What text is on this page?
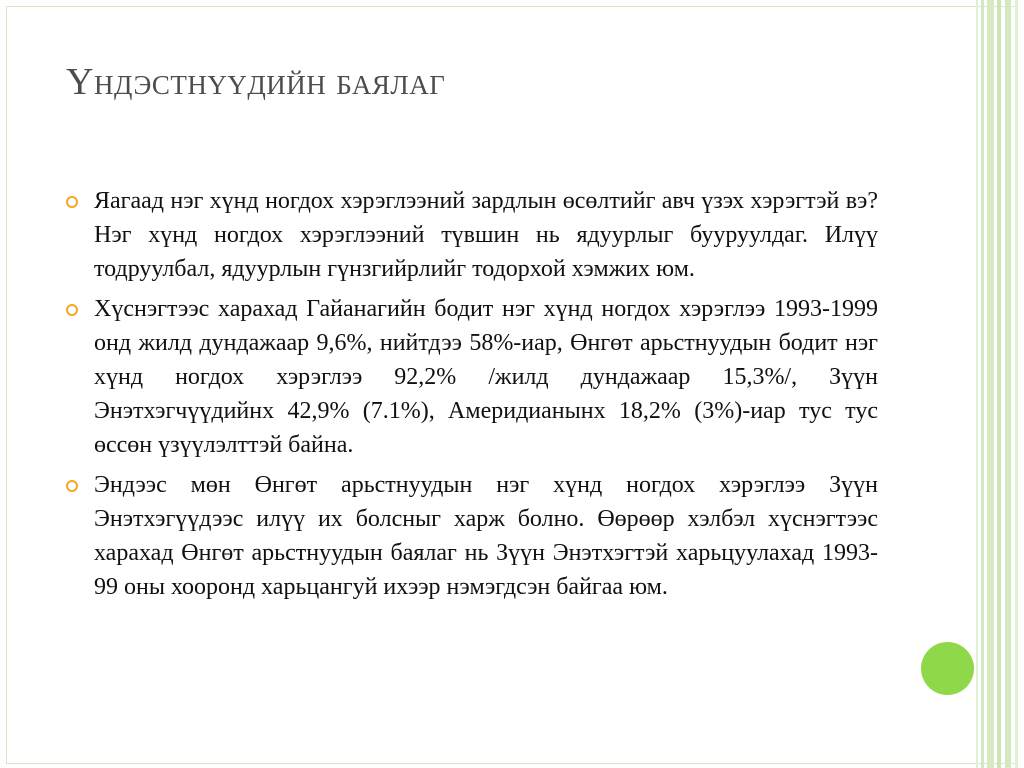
Үндэстнүүдийн баялаг

Яагаад нэг хүнд ногдох хэрэглээний зардлын өсөлтийг авч үзэх хэрэгтэй вэ? Нэг хүнд ногдох хэрэглээний түвшин нь ядуурлыг бууруулдаг. Илүү тодруулбал, ядуурлын гүнзгийрлийг тодорхой хэмжих юм.

Хүснэгтээс харахад Гайанагийн бодит нэг хүнд ногдох хэрэглээ 1993-1999 онд жилд дундажаар 9,6%, нийтдээ 58%-иар, Өнгөт арьстнуудын бодит нэг хүнд ногдох хэрэглээ 92,2% /жилд дундажаар 15,3%/, Зүүн Энэтхэгчүүдийнх 42,9% (7.1%), Америдианынх 18,2% (3%)-иар тус тус өссөн үзүүлэлттэй байна.

Эндээс мөн Өнгөт арьстнуудын нэг хүнд ногдох хэрэглээ Зүүн Энэтхэгүүдээс илүү их болсныг харж болно. Өөрөөр хэлбэл хүснэгтээс харахад Өнгөт арьстнуудын баялаг нь Зүүн Энэтхэгтэй харьцуулахад 1993-99 оны хооронд харьцангуй ихээр нэмэгдсэн байгаа юм.
